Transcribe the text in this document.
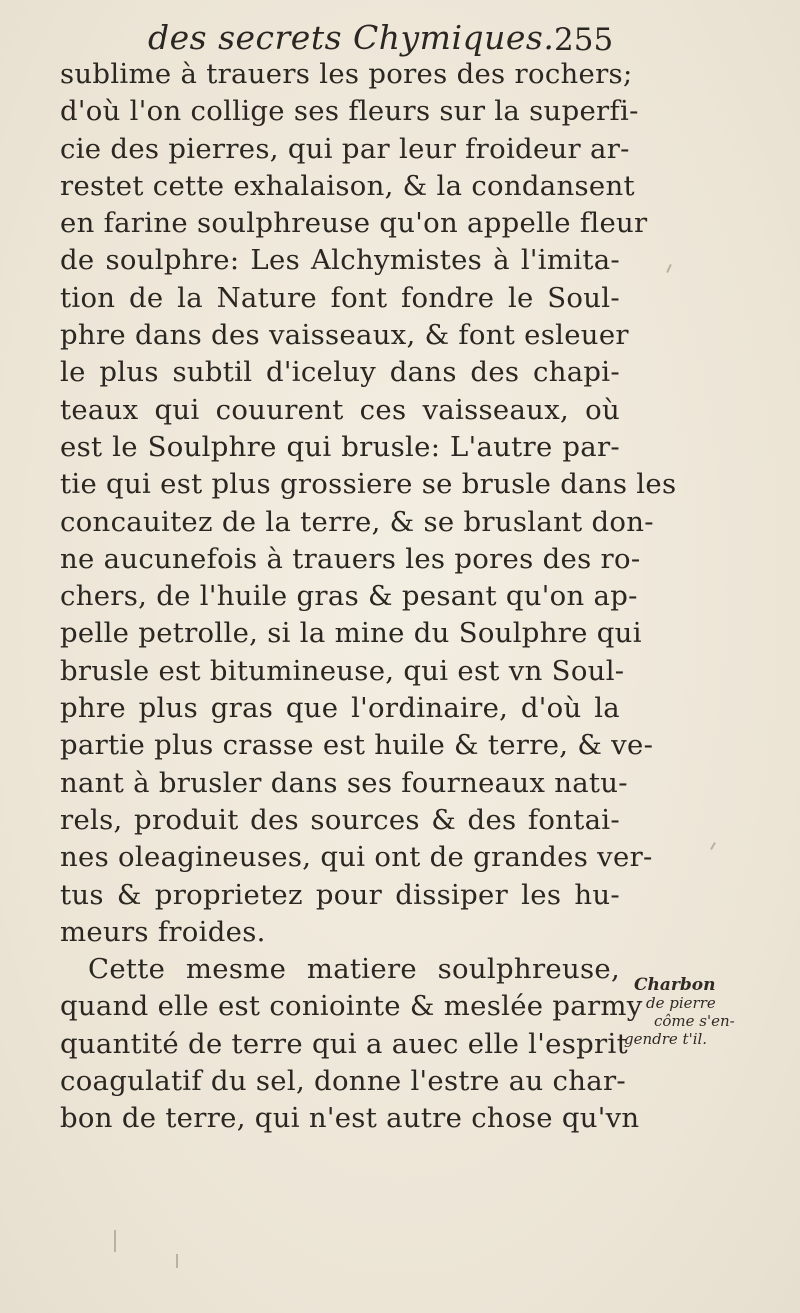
des secrets Chymiques. 255
sublime à trauers les pores des rochers;
d'où l'on collige ses fleurs sur la superfi-
cie des pierres, qui par leur froideur ar-
restet cette exhalaison, & la condansent
en farine soulphreuse qu'on appelle fleur
de soulphre: Les Alchymistes à l'imita-
tion de la Nature font fondre le Soul-
phre dans des vaisseaux, & font esleuer
le plus subtil d'iceluy dans des chapi-
teaux qui couurent ces vaisseaux, où
est le Soulphre qui brusle: L'autre par-
tie qui est plus grossiere se brusle dans les
concauitez de la terre, & se bruslant don-
ne aucunefois à trauers les pores des ro-
chers, de l'huile gras & pesant qu'on ap-
pelle petrolle, si la mine du Soulphre qui
brusle est bitumineuse, qui est vn Soul-
phre plus gras que l'ordinaire, d'où la
partie plus crasse est huile & terre, & ve-
nant à brusler dans ses fourneaux natu-
rels, produit des sources & des fontai-
nes oleagineuses, qui ont de grandes ver-
tus & proprietez pour dissiper les hu-
meurs froides.
Cette mesme matiere soulphreuse,
quand elle est coniointe & meslée parmy
quantité de terre qui a auec elle l'esprit
coagulatif du sel, donne l'estre au char-
bon de terre, qui n'est autre chose qu'vn
Charbon
de pierre
côme s'en-
gendre t'il.
